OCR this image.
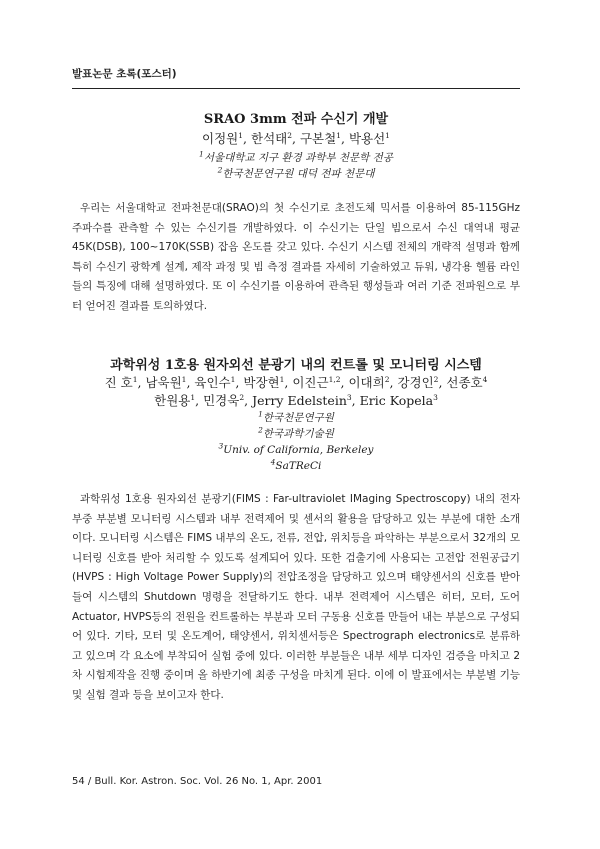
발표논문 초록(포스터)
SRAO 3mm 전파 수신기 개발
이정원$^1$, 한석태$^2$, 구본철$^1$, 박용선$^1$
$^1$서울대학교 지구 환경 과학부 천문학 전공
$^2$한국천문연구원 대덕 전파 천문대

우리는 서울대학교 전파천문대(SRAO)의 첫 수신기로 초전도체 믹서를 이용하여 85-115GHz 주파수를 관측할 수 있는 수신기를 개발하였다. 이 수신기는 단일 빔으로서 수신 대역내 평균 45K(DSB), 100~170K(SSB) 잡음 온도를 갖고 있다. 수신기 시스템 전체의 개략적 설명과 함께 특히 수신기 광학계 설계, 제작 과정 및 빔 측정 결과를 자세히 기술하였고 듀워, 냉각용 헬륨 라인들의 특징에 대해 설명하였다. 또 이 수신기를 이용하여 관측된 행성들과 여러 기준 전파원으로 부터 얻어진 결과를 토의하였다.

과학위성 1호용 원자외선 분광기 내의 컨트롤 및 모니터링 시스템
진 호$^1$, 남욱원$^1$, 육인수$^1$, 박장현$^1$, 이진근$^{1,2}$, 이대희$^2$, 강경인$^2$, 선종호$^4$
한원용$^1$, 민경욱$^2$, Jerry Edelstein$^3$, Eric Kopela$^3$
$^1$한국천문연구원
$^2$한국과학기술원
$^3$Univ. of California, Berkeley
$^4$SaTReCi

과학위성 1호용 원자외선 분광기(FIMS : Far-ultraviolet IMaging Spectroscopy) 내의 전자부중 부분별 모니터링 시스템과 내부 전력제어 및 센서의 활용을 담당하고 있는 부분에 대한 소개이다. 모니터링 시스템은 FIMS 내부의 온도, 전류, 전압, 위치등을 파악하는 부분으로서 32개의 모니터링 신호를 받아 처리할 수 있도록 설계되어 있다. 또한 검출기에 사용되는 고전압 전원공급기(HVPS : High Voltage Power Supply)의 전압조정을 담당하고 있으며 태양센서의 신호를 받아들여 시스템의 Shutdown 명령을 전달하기도 한다. 내부 전력제어 시스템은 히터, 모터, 도어Actuator, HVPS등의 전원을 컨트롤하는 부분과 모터 구동용 신호를 만들어 내는 부분으로 구성되어 있다. 기타, 모터 및 온도계어, 태양센서, 위치센서등은 Spectrograph electronics로 분류하고 있으며 각 요소에 부착되어 실험 중에 있다. 이러한 부분들은 내부 세부 디자인 검증을 마치고 2차 시험제작을 진행 중이며 올 하반기에 최종 구성을 마치게 된다. 이에 이 발표에서는 부분별 기능 및 실험 결과 등을 보이고자 한다.

54 / Bull. Kor. Astron. Soc. Vol. 26 No. 1, Apr. 2001
